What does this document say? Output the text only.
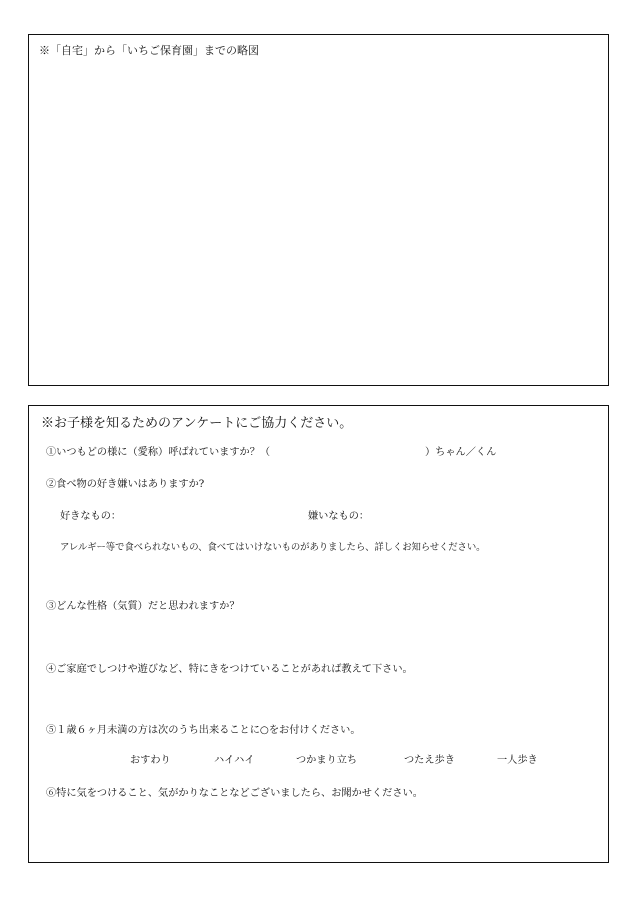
※「自宅」から「いちご保育園」までの略図
※お子様を知るためのアンケートにご協力ください。
①いつもどの様に（愛称）呼ばれていますか？（	）ちゃん／くん
②食べ物の好き嫌いはありますか?
好きなもの：	嫌いなもの：
アレルギー等で食べられないもの、食べてはいけないものがありましたら、詳しくお知らせください。
③どんな性格（気質）だと思われますか？
④ご家庭でしつけや遊びなど、特にきをつけていることがあれば教えて下さい。
⑤１歳６ヶ月未満の方は次のうち出来ることに○をお付けください。
おすわり	ハイハイ	つかまり立ち	つたえ歩き	一人歩き
⑥特に気をつけること、気がかりなことなどございましたら、お聞かせください。
